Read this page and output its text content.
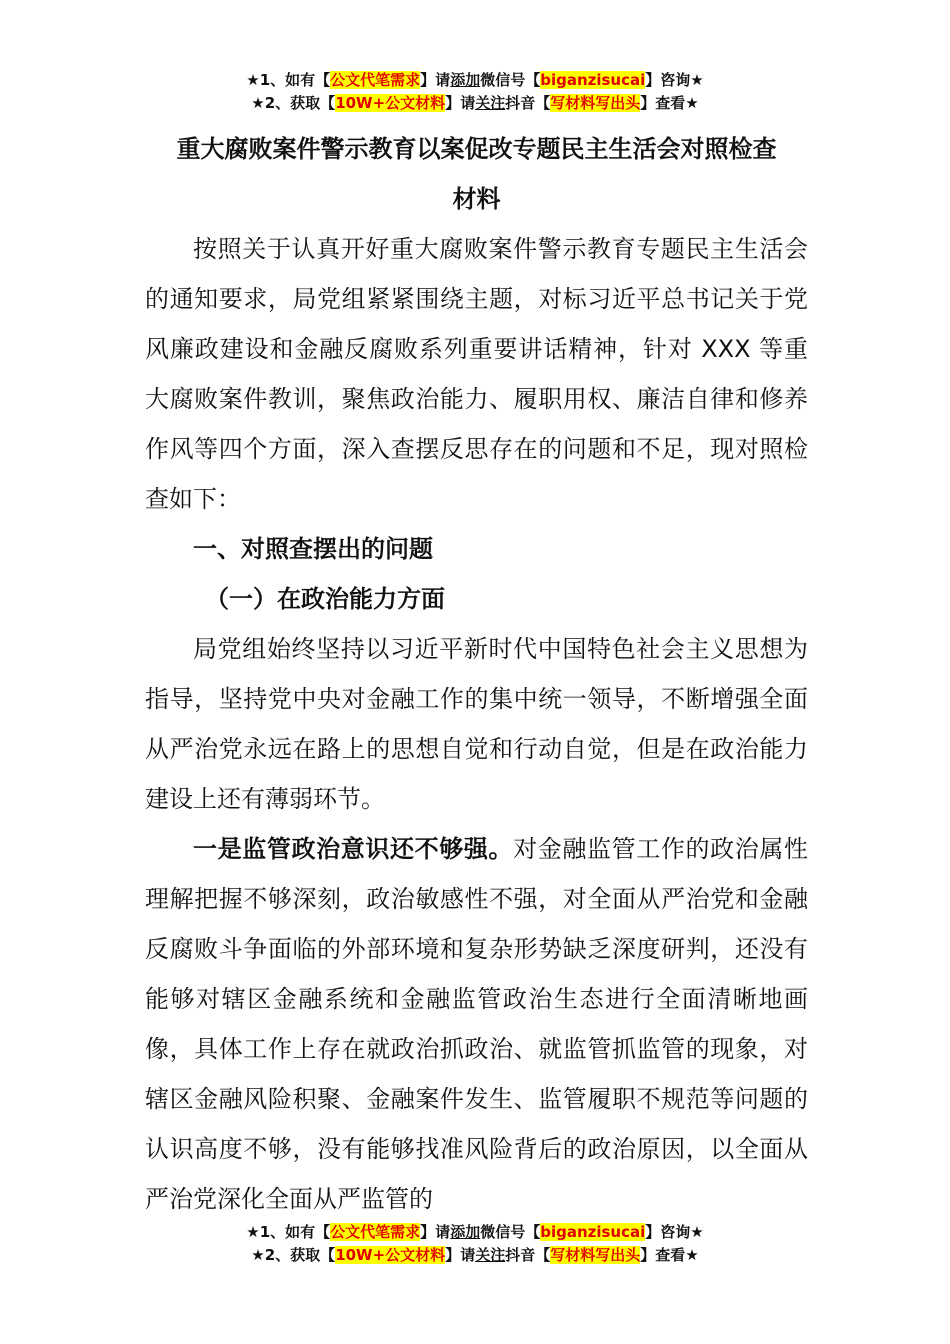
★1、如有【公文代笔需求】请添加微信号【biganzisucai】咨询★
★2、获取【10W+公文材料】请关注抖音【写材料写出头】查看★
重大腐败案件警示教育以案促改专题民主生活会对照检查
材料

按照关于认真开好重大腐败案件警示教育专题民主生活会的通知要求，局党组紧紧围绕主题，对标习近平总书记关于党风廉政建设和金融反腐败系列重要讲话精神，针对 XXX 等重大腐败案件教训，聚焦政治能力、履职用权、廉洁自律和修养作风等四个方面，深入查摆反思存在的问题和不足，现对照检查如下：

一、对照查摆出的问题

（一）在政治能力方面

局党组始终坚持以习近平新时代中国特色社会主义思想为指导，坚持党中央对金融工作的集中统一领导，不断增强全面从严治党永远在路上的思想自觉和行动自觉，但是在政治能力建设上还有薄弱环节。

一是监管政治意识还不够强。对金融监管工作的政治属性理解把握不够深刻，政治敏感性不强，对全面从严治党和金融反腐败斗争面临的外部环境和复杂形势缺乏深度研判，还没有能够对辖区金融系统和金融监管政治生态进行全面清晰地画像，具体工作上存在就政治抓政治、就监管抓监管的现象，对辖区金融风险积聚、金融案件发生、监管履职不规范等问题的认识高度不够，没有能够找准风险背后的政治原因，以全面从严治党深化全面从严监管的

★1、如有【公文代笔需求】请添加微信号【biganzisucai】咨询★
★2、获取【10W+公文材料】请关注抖音【写材料写出头】查看★
